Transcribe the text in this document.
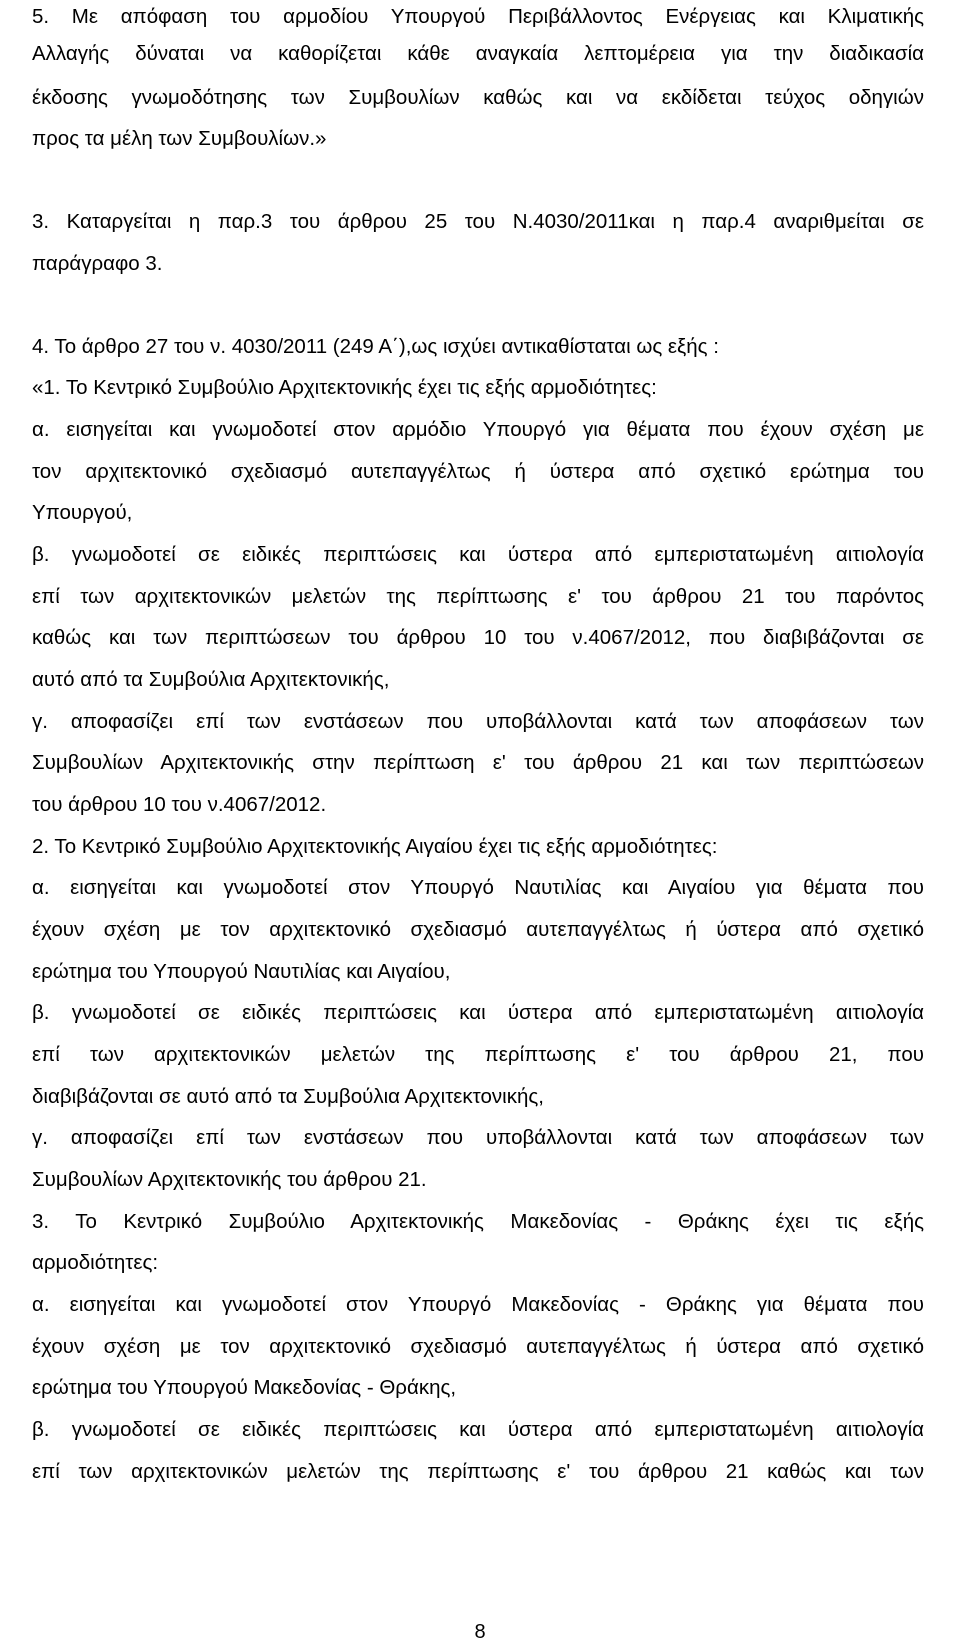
5. Με απόφαση του αρμοδίου Υπουργού Περιβάλλοντος Ενέργειας και Κλιματικής
Αλλαγής δύναται να καθορίζεται κάθε αναγκαία λεπτομέρεια για την διαδικασία
έκδοσης γνωμοδότησης των Συμβουλίων καθώς και να εκδίδεται τεύχος οδηγιών
προς τα μέλη των Συμβουλίων.»
3. Καταργείται η παρ.3 του άρθρου 25 του Ν.4030/2011και η παρ.4 αναριθμείται σε
παράγραφο 3.
4. Το άρθρο 27 του ν. 4030/2011 (249 Α΄),ως ισχύει αντικαθίσταται ως εξής :
«1. Το Κεντρικό Συμβούλιο Αρχιτεκτονικής έχει τις εξής αρμοδιότητες:
α. εισηγείται και γνωμοδοτεί στον αρμόδιο Υπουργό για θέματα που έχουν σχέση με
τον αρχιτεκτονικό σχεδιασμό αυτεπαγγέλτως ή ύστερα από σχετικό ερώτημα του
Υπουργού,
β. γνωμοδοτεί σε ειδικές περιπτώσεις και ύστερα από εμπεριστατωμένη αιτιολογία
επί των αρχιτεκτονικών μελετών της περίπτωσης ε' του άρθρου 21 του παρόντος
καθώς και των περιπτώσεων του άρθρου 10 του ν.4067/2012, που διαβιβάζονται σε
αυτό από τα Συμβούλια Αρχιτεκτονικής,
γ. αποφασίζει επί των ενστάσεων που υποβάλλονται κατά των αποφάσεων των
Συμβουλίων Αρχιτεκτονικής στην περίπτωση ε' του άρθρου 21 και των περιπτώσεων
του άρθρου 10 του ν.4067/2012.
2. Το Κεντρικό Συμβούλιο Αρχιτεκτονικής Αιγαίου έχει τις εξής αρμοδιότητες:
α. εισηγείται και γνωμοδοτεί στον Υπουργό Ναυτιλίας και Αιγαίου για θέματα που
έχουν σχέση με τον αρχιτεκτονικό σχεδιασμό αυτεπαγγέλτως ή ύστερα από σχετικό
ερώτημα του Υπουργού Ναυτιλίας και Αιγαίου,
β. γνωμοδοτεί σε ειδικές περιπτώσεις και ύστερα από εμπεριστατωμένη αιτιολογία
επί των αρχιτεκτονικών μελετών της περίπτωσης ε' του άρθρου 21, που
διαβιβάζονται σε αυτό από τα Συμβούλια Αρχιτεκτονικής,
γ. αποφασίζει επί των ενστάσεων που υποβάλλονται κατά των αποφάσεων των
Συμβουλίων Αρχιτεκτονικής του άρθρου 21.
3. Το Κεντρικό Συμβούλιο Αρχιτεκτονικής Μακεδονίας - Θράκης έχει τις εξής
αρμοδιότητες:
α. εισηγείται και γνωμοδοτεί στον Υπουργό Μακεδονίας - Θράκης για θέματα που
έχουν σχέση με τον αρχιτεκτονικό σχεδιασμό αυτεπαγγέλτως ή ύστερα από σχετικό
ερώτημα του Υπουργού Μακεδονίας - Θράκης,
β. γνωμοδοτεί σε ειδικές περιπτώσεις και ύστερα από εμπεριστατωμένη αιτιολογία
επί των αρχιτεκτονικών μελετών της περίπτωσης ε' του άρθρου 21 καθώς και των
8
